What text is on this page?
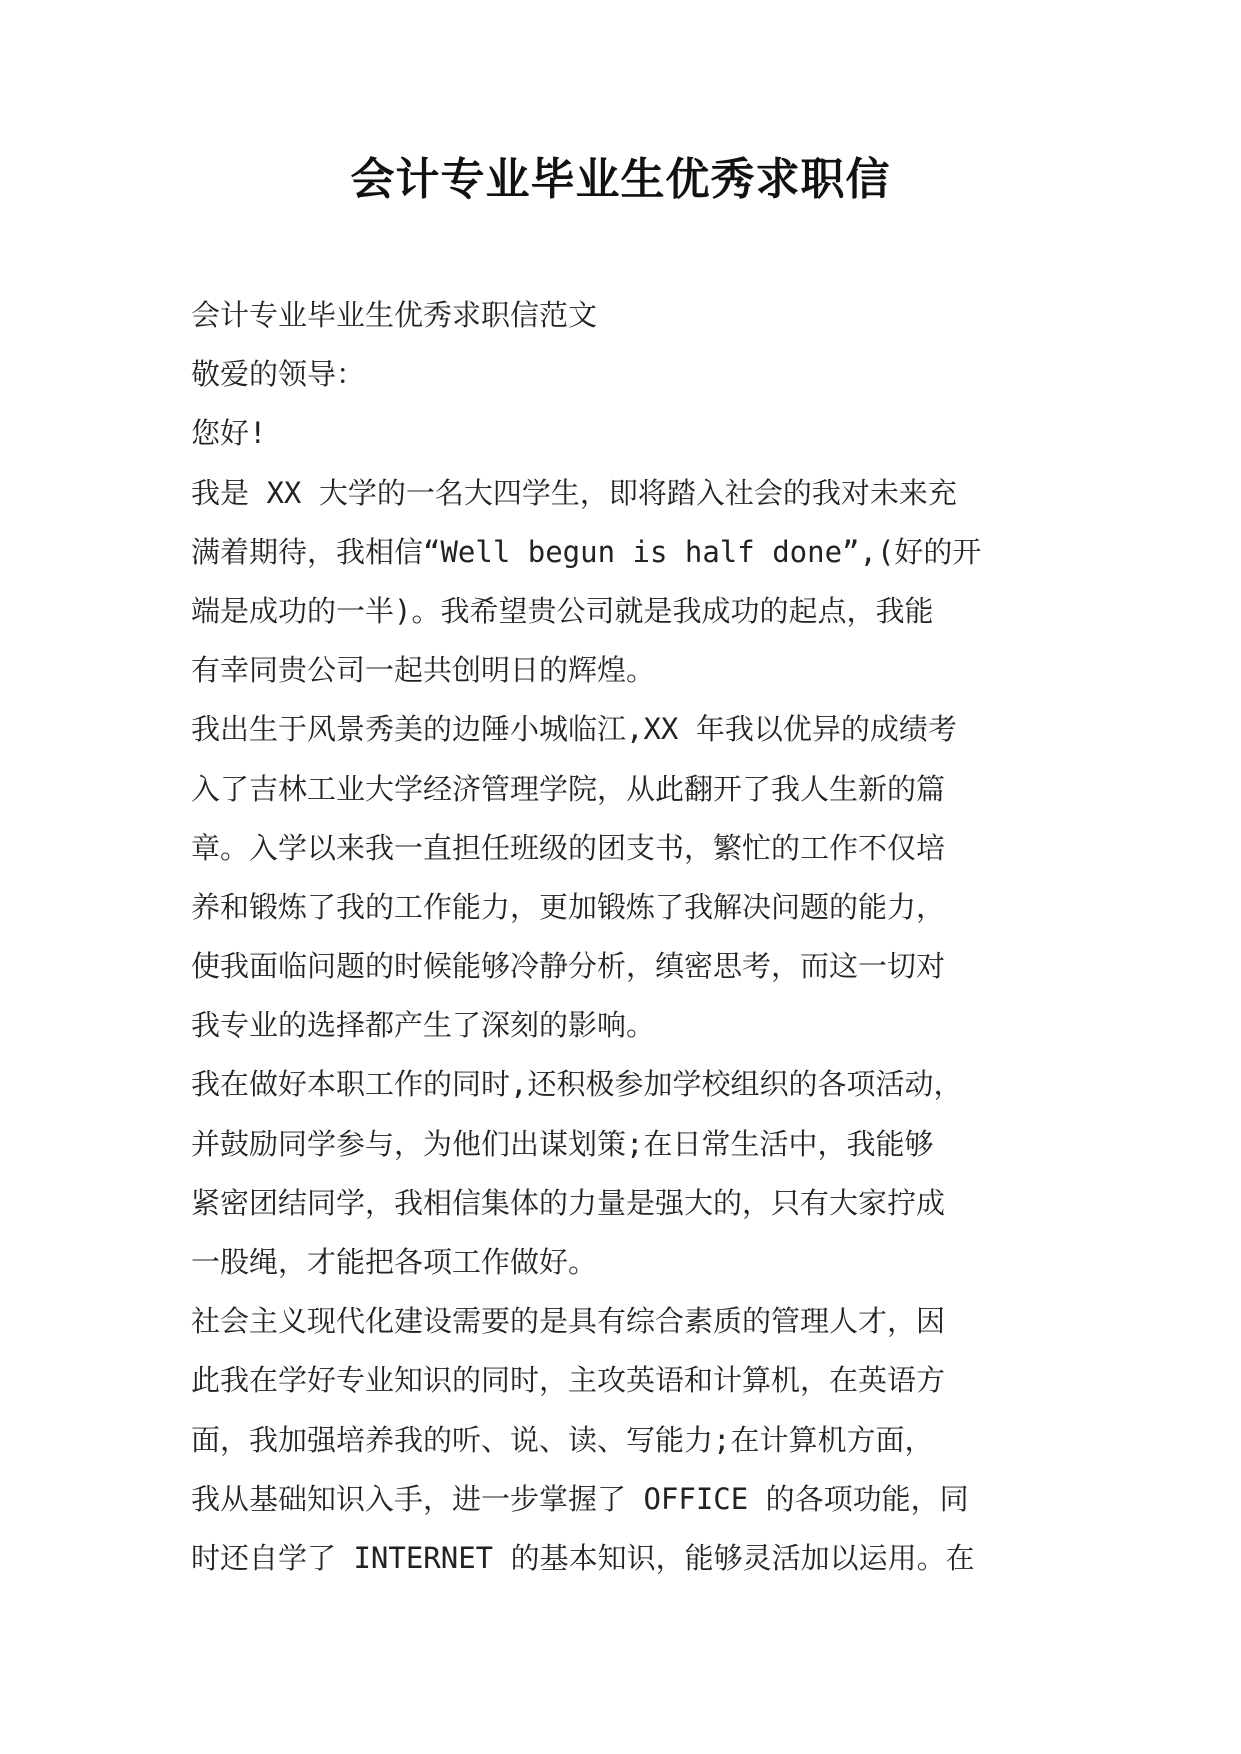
会计专业毕业生优秀求职信
会计专业毕业生优秀求职信范文
敬爱的领导：
您好!
我是 XX 大学的一名大四学生，即将踏入社会的我对未来充
满着期待，我相信“Well begun is half done”,(好的开
端是成功的一半)。我希望贵公司就是我成功的起点，我能
有幸同贵公司一起共创明日的辉煌。
我出生于风景秀美的边陲小城临江,XX 年我以优异的成绩考
入了吉林工业大学经济管理学院，从此翻开了我人生新的篇
章。入学以来我一直担任班级的团支书，繁忙的工作不仅培
养和锻炼了我的工作能力，更加锻炼了我解决问题的能力，
使我面临问题的时候能够冷静分析，缜密思考，而这一切对
我专业的选择都产生了深刻的影响。
我在做好本职工作的同时,还积极参加学校组织的各项活动，
并鼓励同学参与，为他们出谋划策;在日常生活中，我能够
紧密团结同学，我相信集体的力量是强大的，只有大家拧成
一股绳，才能把各项工作做好。
社会主义现代化建设需要的是具有综合素质的管理人才，因
此我在学好专业知识的同时，主攻英语和计算机，在英语方
面，我加强培养我的听、说、读、写能力;在计算机方面，
我从基础知识入手，进一步掌握了 OFFICE 的各项功能，同
时还自学了 INTERNET 的基本知识，能够灵活加以运用。在
